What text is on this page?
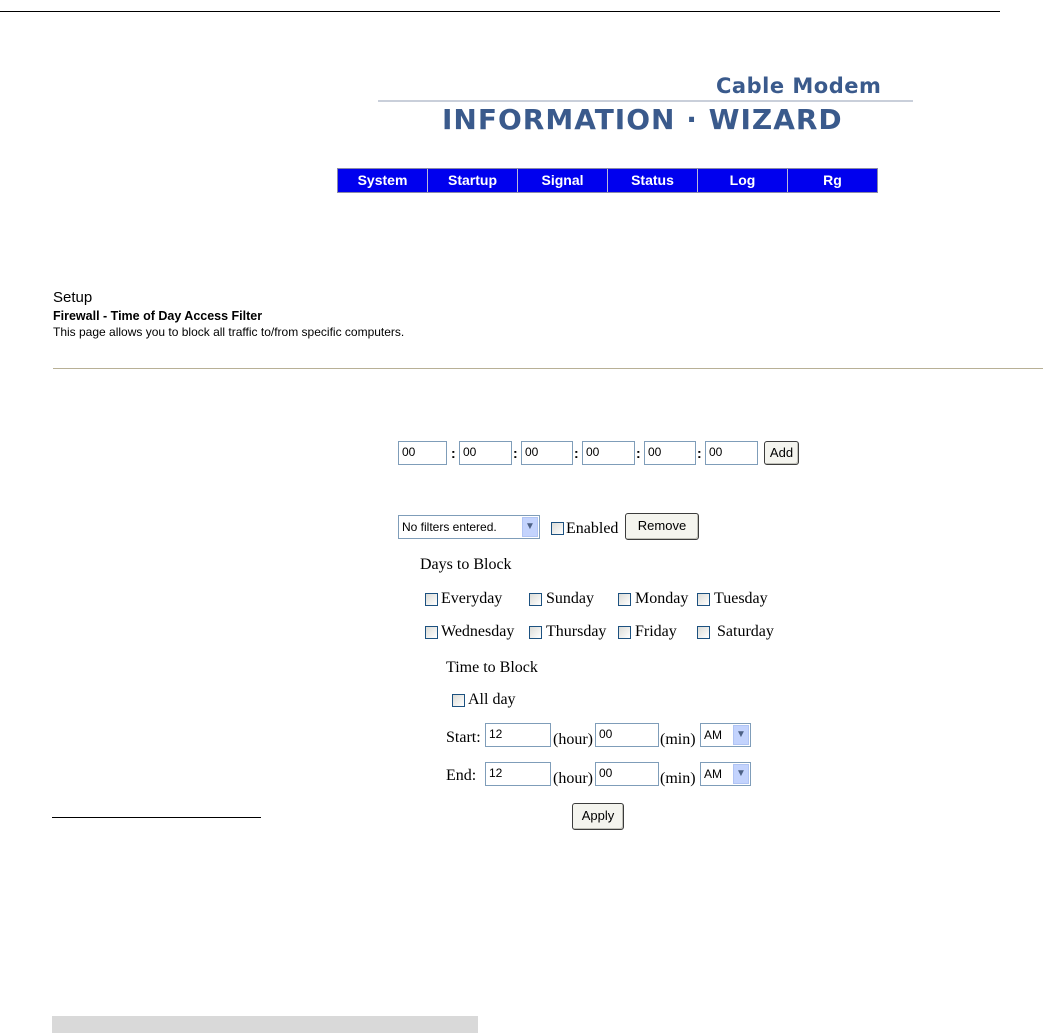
Cable Modem
INFORMATION · WIZARD
System	Startup	Signal	Status	Log	Rg
Setup
Firewall - Time of Day Access Filter
This page allows you to block all traffic to/from specific computers.
00	: 00	: 00	: 00	: 00	: 00	Add
No filters entered.	▼ Enabled	Remove
Days to Block
Everyday	Sunday	Monday Tuesday
Wednesday Thursday Friday	Saturday
Time to Block
All day
Start: 12	(hour) 00	(min) AM	▼
End:	12	(hour) 00	(min) AM	▼
Apply
